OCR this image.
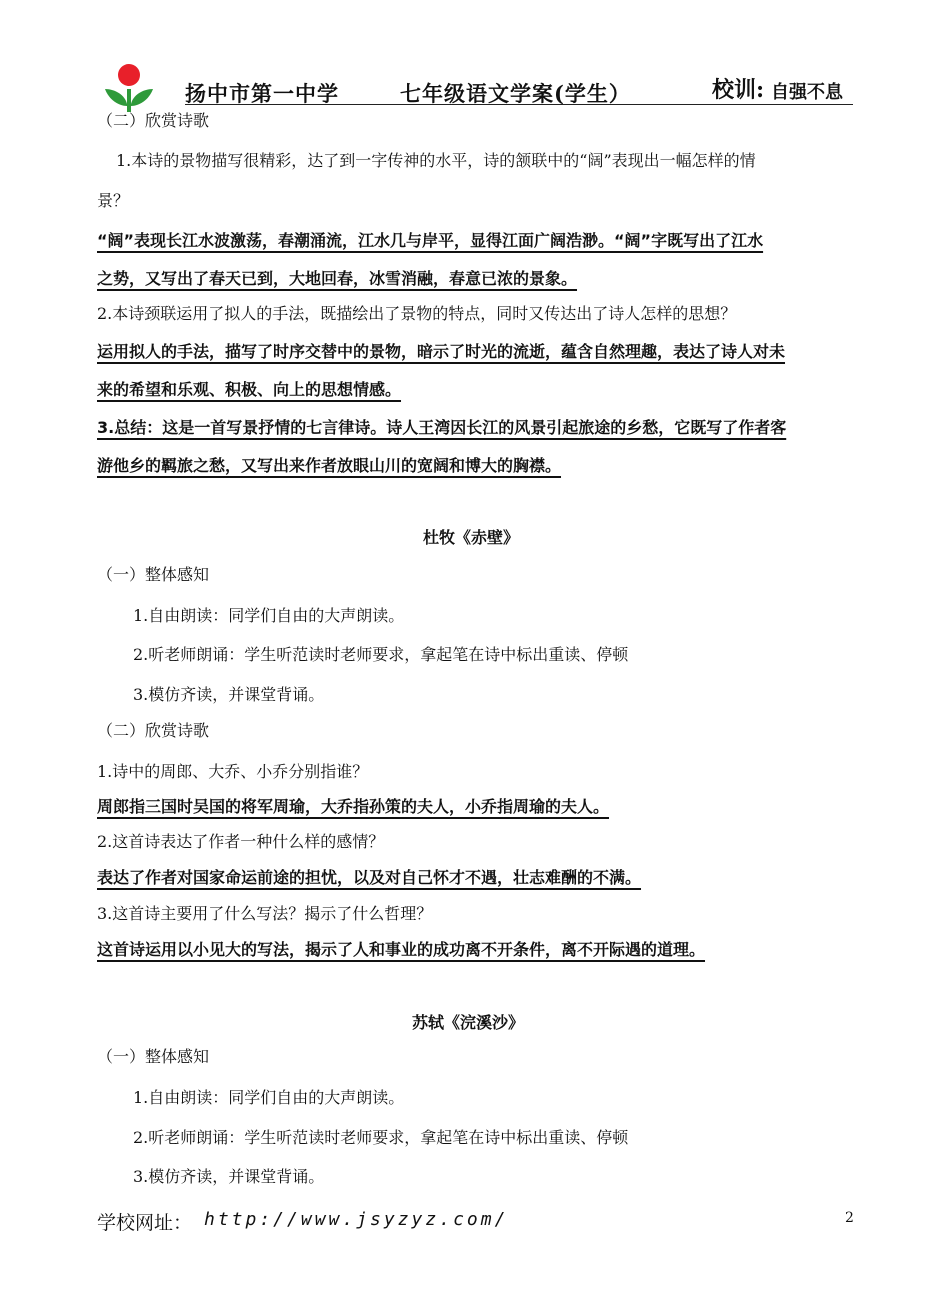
扬中市第一中学	七年级语文学案(学生）	校训: 自强不息
（二）欣赏诗歌
1.本诗的景物描写很精彩，达了到一字传神的水平，诗的颔联中的“阔”表现出一幅怎样的情
景？
“阔”表现长江水波激荡，春潮涌流，江水几与岸平，显得江面广阔浩渺。“阔”字既写出了江水
之势，又写出了春天已到，大地回春，冰雪消融，春意已浓的景象。
2.本诗颈联运用了拟人的手法，既描绘出了景物的特点，同时又传达出了诗人怎样的思想？
运用拟人的手法，描写了时序交替中的景物，暗示了时光的流逝，蕴含自然理趣，表达了诗人对未
来的希望和乐观、积极、向上的思想情感。
3.总结：这是一首写景抒情的七言律诗。诗人王湾因长江的风景引起旅途的乡愁，它既写了作者客
游他乡的羁旅之愁，又写出来作者放眼山川的宽阔和博大的胸襟。
杜牧《赤壁》
（一）整体感知
1.自由朗读：同学们自由的大声朗读。
2.听老师朗诵：学生听范读时老师要求，拿起笔在诗中标出重读、停顿
3.模仿齐读，并课堂背诵。
（二）欣赏诗歌
1.诗中的周郎、大乔、小乔分别指谁？
周郎指三国时吴国的将军周瑜，大乔指孙策的夫人，小乔指周瑜的夫人。
2.这首诗表达了作者一种什么样的感情？
表达了作者对国家命运前途的担忧，以及对自己怀才不遇，壮志难酬的不满。
3.这首诗主要用了什么写法？揭示了什么哲理？
这首诗运用以小见大的写法，揭示了人和事业的成功离不开条件，离不开际遇的道理。
苏轼《浣溪沙》
（一）整体感知
1.自由朗读：同学们自由的大声朗读。
2.听老师朗诵：学生听范读时老师要求，拿起笔在诗中标出重读、停顿
3.模仿齐读，并课堂背诵。
学校网址： http://www.jsyzyz.com/	2
